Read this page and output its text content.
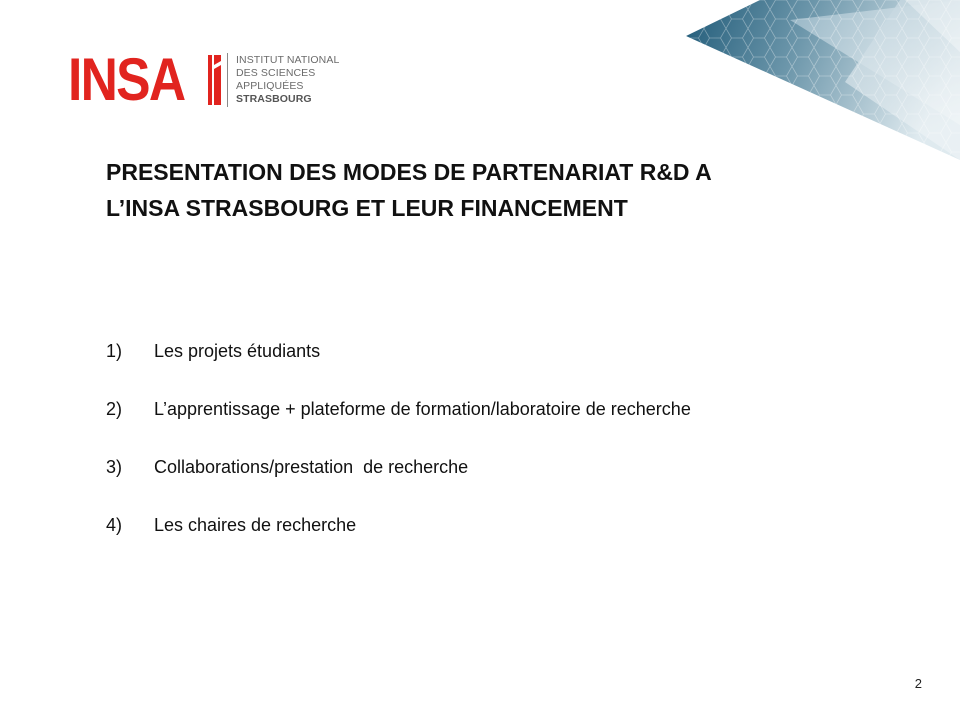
INSA	INSTITUT NATIONAL
DES SCIENCES
APPLIQUÉES
STRASBOURG
PRESENTATION DES MODES DE PARTENARIAT R&D A
L’INSA STRASBOURG ET LEUR FINANCEMENT
1)	Les projets étudiants
2)	L’apprentissage + plateforme de formation/laboratoire de recherche
3)	Collaborations/prestation  de recherche
4)	Les chaires de recherche
2
